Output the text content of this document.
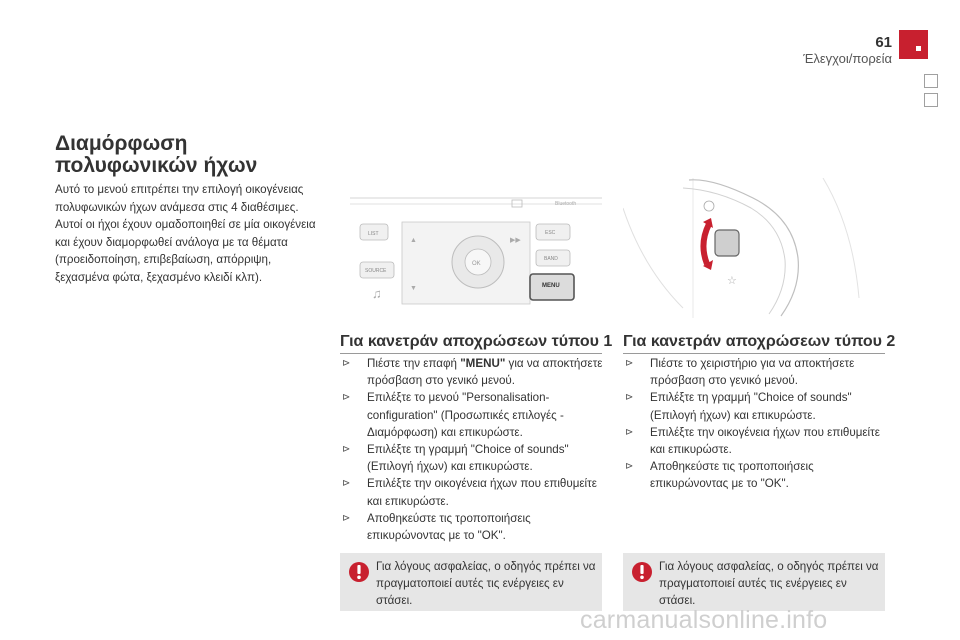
61
Έλεγχοι/πορεία
Διαμόρφωση πολυφωνικών ήχων
Αυτό το μενού επιτρέπει την επιλογή οικογένειας πολυφωνικών ήχων ανάμεσα στις 4 διαθέσιμες. Αυτοί οι ήχοι έχουν ομαδοποιηθεί σε μία οικογένεια και έχουν διαμορφωθεί ανάλογα με τα θέματα (προειδοποίηση, επιβεβαίωση, απόρριψη, ξεχασμένα φώτα, ξεχασμένο κλειδί κλπ).
Bluetooth
LIST
SOURCE
♫
OK
▲
▼
▶▶
ESC
BAND
MENU	☆
Για κανετράν αποχρώσεων τύπου 1
⊳ Πιέστε την επαφή "MENU" για να αποκτήσετε πρόσβαση στο γενικό μενού.
⊳ Επιλέξτε το μενού "Personalisation-configuration" (Προσωπικές επιλογές - Διαμόρφωση) και επικυρώστε.
⊳ Επιλέξτε τη γραμμή "Choice of sounds" (Επιλογή ήχων) και επικυρώστε.
⊳ Επιλέξτε την οικογένεια ήχων που επιθυμείτε και επικυρώστε.
⊳ Αποθηκεύστε τις τροποποιήσεις επικυρώνοντας με το "OK".
Για λόγους ασφαλείας, ο οδηγός πρέπει να πραγματοποιεί αυτές τις ενέργειες εν στάσει.
Για κανετράν αποχρώσεων τύπου 2
⊳ Πιέστε το χειριστήριο για να αποκτήσετε πρόσβαση στο γενικό μενού.
⊳ Επιλέξτε τη γραμμή "Choice of sounds" (Επιλογή ήχων) και επικυρώστε.
⊳ Επιλέξτε την οικογένεια ήχων που επιθυμείτε και επικυρώστε.
⊳ Αποθηκεύστε τις τροποποιήσεις επικυρώνοντας με το "OK".
Για λόγους ασφαλείας, ο οδηγός πρέπει να πραγματοποιεί αυτές τις ενέργειες εν στάσει.
carmanualsonline.info
